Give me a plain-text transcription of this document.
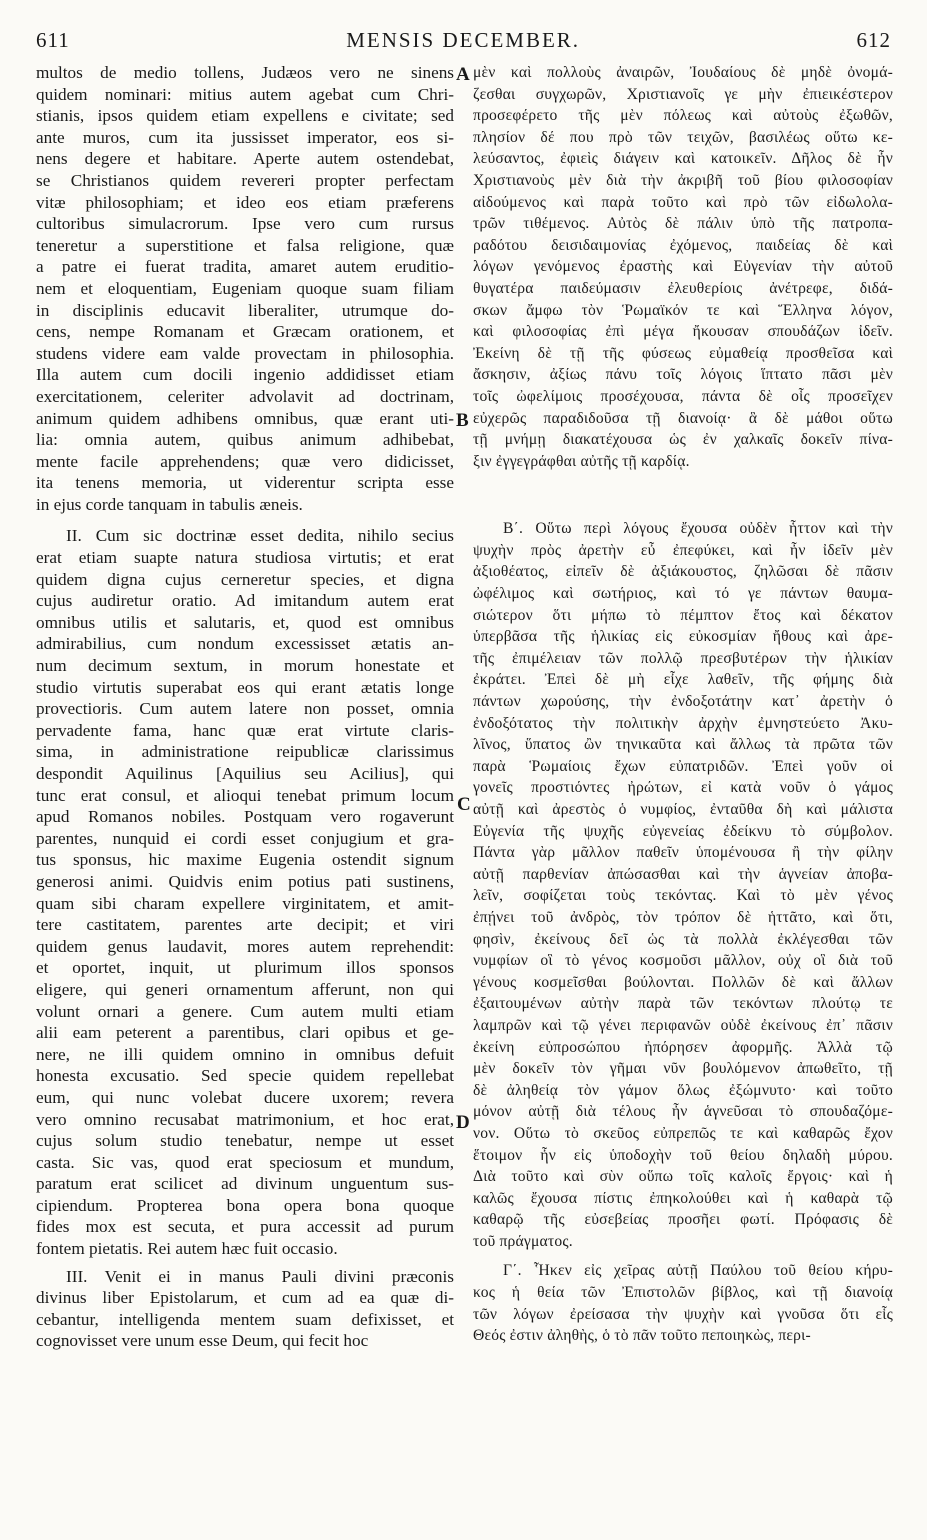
611	MENSIS DECEMBER.	612

multos de medio tollens, Judæos vero ne sinens
quidem nominari: mitius autem agebat cum Chri-
stianis, ipsos quidem etiam expellens e civitate; sed
ante muros, cum ita jussisset imperator, eos si-
nens degere et habitare. Aperte autem ostendebat,
se Christianos quidem revereri propter perfectam
vitæ philosophiam; et ideo eos etiam præferens
cultoribus simulacrorum. Ipse vero cum rursus
teneretur a superstitione et falsa religione, quæ
a patre ei fuerat tradita, amaret autem eruditio-
nem et eloquentiam, Eugeniam quoque suam filiam
in disciplinis educavit liberaliter, utrumque do-
cens, nempe Romanam et Græcam orationem, et
studens videre eam valde provectam in philosophia.
Illa autem cum docili ingenio addidisset etiam
exercitationem, celeriter advolavit ad doctrinam,
animum quidem adhibens omnibus, quæ erant uti-
lia: omnia autem, quibus animum adhibebat,
mente facile apprehendens; quæ vero didicisset,
ita tenens memoria, ut viderentur scripta esse
in ejus corde tanquam in tabulis æneis.

II. Cum sic doctrinæ esset dedita, nihilo secius
erat etiam suapte natura studiosa virtutis; et erat
quidem digna cujus cerneretur species, et digna
cujus audiretur oratio. Ad imitandum autem erat
omnibus utilis et salutaris, et, quod est omnibus
admirabilius, cum nondum excessisset ætatis an-
num decimum sextum, in morum honestate et
studio virtutis superabat eos qui erant ætatis longe
provectioris. Cum autem latere non posset, omnia
pervadente fama, hanc quæ erat virtute claris-
sima, in administratione reipublicæ clarissimus
despondit Aquilinus [Aquilius seu Acilius], qui
tunc erat consul, et alioqui tenebat primum locum
apud Romanos nobiles. Postquam vero rogaverunt
parentes, nunquid ei cordi esset conjugium et gra-
tus sponsus, hic maxime Eugenia ostendit signum
generosi animi. Quidvis enim potius pati sustinens,
quam sibi charam expellere virginitatem, et amit-
tere castitatem, parentes arte decipit; et viri
quidem genus laudavit, mores autem reprehendit:
et oportet, inquit, ut plurimum illos sponsos
eligere, qui generi ornamentum afferunt, non qui
volunt ornari a genere. Cum autem multi etiam
alii eam peterent a parentibus, clari opibus et ge-
nere, ne illi quidem omnino in omnibus defuit
honesta excusatio. Sed specie quidem repellebat
eum, qui nunc volebat ducere uxorem; revera
vero omnino recusabat matrimonium, et hoc erat,
cujus solum studio tenebatur, nempe ut esset
casta. Sic vas, quod erat speciosum et mundum,
paratum erat scilicet ad divinum unguentum sus-
cipiendum. Propterea bona opera bona quoque
fides mox est secuta, et pura accessit ad purum
fontem pietatis. Rei autem hæc fuit occasio.

III. Venit ei in manus Pauli divini præconis
divinus liber Epistolarum, et cum ad ea quæ di-
cebantur, intelligenda mentem suam defixisset, et
cognovisset vere unum esse Deum, qui fecit hoc

μὲν καὶ πολλοὺς ἀναιρῶν, Ἰουδαίους δὲ μηδὲ ὀνομά-
ζεσθαι συγχωρῶν, Χριστιανοῖς γε μὴν ἐπιεικέστερον
προσεφέρετο τῆς μὲν πόλεως καὶ αὐτοὺς ἐξωθῶν,
πλησίον δέ που πρὸ τῶν τειχῶν, βασιλέως οὕτω κε-
λεύσαντος, ἐφιεὶς διάγειν καὶ κατοικεῖν. Δῆλος δὲ ἦν
Χριστιανοὺς μὲν διὰ τὴν ἀκριβῆ τοῦ βίου φιλοσοφίαν
αἰδούμενος καὶ παρὰ τοῦτο καὶ πρὸ τῶν εἰδωλολα-
τρῶν τιθέμενος. Αὐτὸς δὲ πάλιν ὑπὸ τῆς πατροπα-
ραδότου δεισιδαιμονίας ἐχόμενος, παιδείας δὲ καὶ
λόγων γενόμενος ἐραστὴς καὶ Εὐγενίαν τὴν αὐτοῦ
θυγατέρα παιδεύμασιν ἐλευθερίοις ἀνέτρεφε, διδά-
σκων ἄμφω τὸν Ῥωμαϊκόν τε καὶ Ἕλληνα λόγον,
καὶ φιλοσοφίας ἐπὶ μέγα ἤκουσαν σπουδάζων ἰδεῖν.
Ἐκείνη δὲ τῇ τῆς φύσεως εὐμαθείᾳ προσθεῖσα καὶ
ἄσκησιν, ἀξίως πάνυ τοῖς λόγοις ἵπτατο πᾶσι μὲν
τοῖς ὠφελίμοις προσέχουσα, πάντα δὲ οἷς προσεῖχεν
εὐχερῶς παραδιδοῦσα τῇ διανοίᾳ· ἃ δὲ μάθοι οὕτω
τῇ μνήμῃ διακατέχουσα ὡς ἐν χαλκαῖς δοκεῖν πίνα-
ξιν ἐγγεγράφθαι αὐτῆς τῇ καρδίᾳ.

Β΄. Οὕτω περὶ λόγους ἔχουσα οὐδὲν ἧττον καὶ τὴν
ψυχὴν πρὸς ἀρετὴν εὖ ἐπεφύκει, καὶ ἦν ἰδεῖν μὲν
ἀξιοθέατος, εἰπεῖν δὲ ἀξιάκουστος, ζηλῶσαι δὲ πᾶσιν
ὠφέλιμος καὶ σωτήριος, καὶ τό γε πάντων θαυμα-
σιώτερον ὅτι μήπω τὸ πέμπτον ἔτος καὶ δέκατον
ὑπερβᾶσα τῆς ἡλικίας εἰς εὐκοσμίαν ἤθους καὶ ἀρε-
τῆς ἐπιμέλειαν τῶν πολλῷ πρεσβυτέρων τὴν ἡλικίαν
ἐκράτει. Ἐπεὶ δὲ μὴ εἶχε λαθεῖν, τῆς φήμης διὰ
πάντων χωρούσης, τὴν ἐνδοξοτάτην κατ᾽ ἀρετὴν ὁ
ἐνδοξότατος τὴν πολιτικὴν ἀρχὴν ἐμνηστεύετο Ἀκυ-
λῖνος, ὕπατος ὢν τηνικαῦτα καὶ ἄλλως τὰ πρῶτα τῶν
παρὰ Ῥωμαίοις ἔχων εὐπατριδῶν. Ἐπεὶ γοῦν οἱ
γονεῖς προστιόντες ἠρώτων, εἰ κατὰ νοῦν ὁ γάμος
αὐτῇ καὶ ἀρεστὸς ὁ νυμφίος, ἐνταῦθα δὴ καὶ μάλιστα
Εὐγενία τῆς ψυχῆς εὐγενείας ἐδείκνυ τὸ σύμβολον.
Πάντα γὰρ μᾶλλον παθεῖν ὑπομένουσα ἢ τὴν φίλην
αὐτῇ παρθενίαν ἀπώσασθαι καὶ τὴν ἁγνείαν ἀποβα-
λεῖν, σοφίζεται τοὺς τεκόντας. Καὶ τὸ μὲν γένος
ἐπῄνει τοῦ ἀνδρὸς, τὸν τρόπον δὲ ἡττᾶτο, καὶ ὅτι,
φησὶν, ἐκείνους δεῖ ὡς τὰ πολλὰ ἐκλέγεσθαι τῶν
νυμφίων οἳ τὸ γένος κοσμοῦσι μᾶλλον, οὐχ οἳ διὰ τοῦ
γένους κοσμεῖσθαι βούλονται. Πολλῶν δὲ καὶ ἄλλων
ἐξαιτουμένων αὐτὴν παρὰ τῶν τεκόντων πλούτῳ τε
λαμπρῶν καὶ τῷ γένει περιφανῶν οὐδὲ ἐκείνους ἐπ᾽ πᾶσιν
ἐκείνη εὐπροσώπου ἠπόρησεν ἀφορμῆς. Ἀλλὰ τῷ
μὲν δοκεῖν τὸν γῆμαι νῦν βουλόμενον ἀπωθεῖτο, τῇ
δὲ ἀληθείᾳ τὸν γάμον ὅλως ἐξώμνυτο· καὶ τοῦτο
μόνον αὐτῇ διὰ τέλους ἦν ἁγνεῦσαι τὸ σπουδαζόμε-
νον. Οὕτω τὸ σκεῦος εὐπρεπῶς τε καὶ καθαρῶς ἔχον
ἕτοιμον ἦν εἰς ὑποδοχὴν τοῦ θείου δηλαδὴ μύρου.
Διὰ τοῦτο καὶ σὺν οὕπω τοῖς καλοῖς ἔργοις· καὶ ἡ
καλῶς ἔχουσα πίστις ἐπηκολούθει καὶ ἡ καθαρὰ τῷ
καθαρῷ τῆς εὐσεβείας προσῆει φωτί. Πρόφασις δὲ
τοῦ πράγματος.

Γ΄. Ἧκεν εἰς χεῖρας αὐτῇ Παύλου τοῦ θείου κήρυ-
κος ἡ θεία τῶν Ἐπιστολῶν βίβλος, καὶ τῇ διανοίᾳ
τῶν λόγων ἐρείσασα τὴν ψυχὴν καὶ γνοῦσα ὅτι εἷς
Θεός ἐστιν ἀληθὴς, ὁ τὸ πᾶν τοῦτο πεποιηκὼς, περι-

A
B
C
D
